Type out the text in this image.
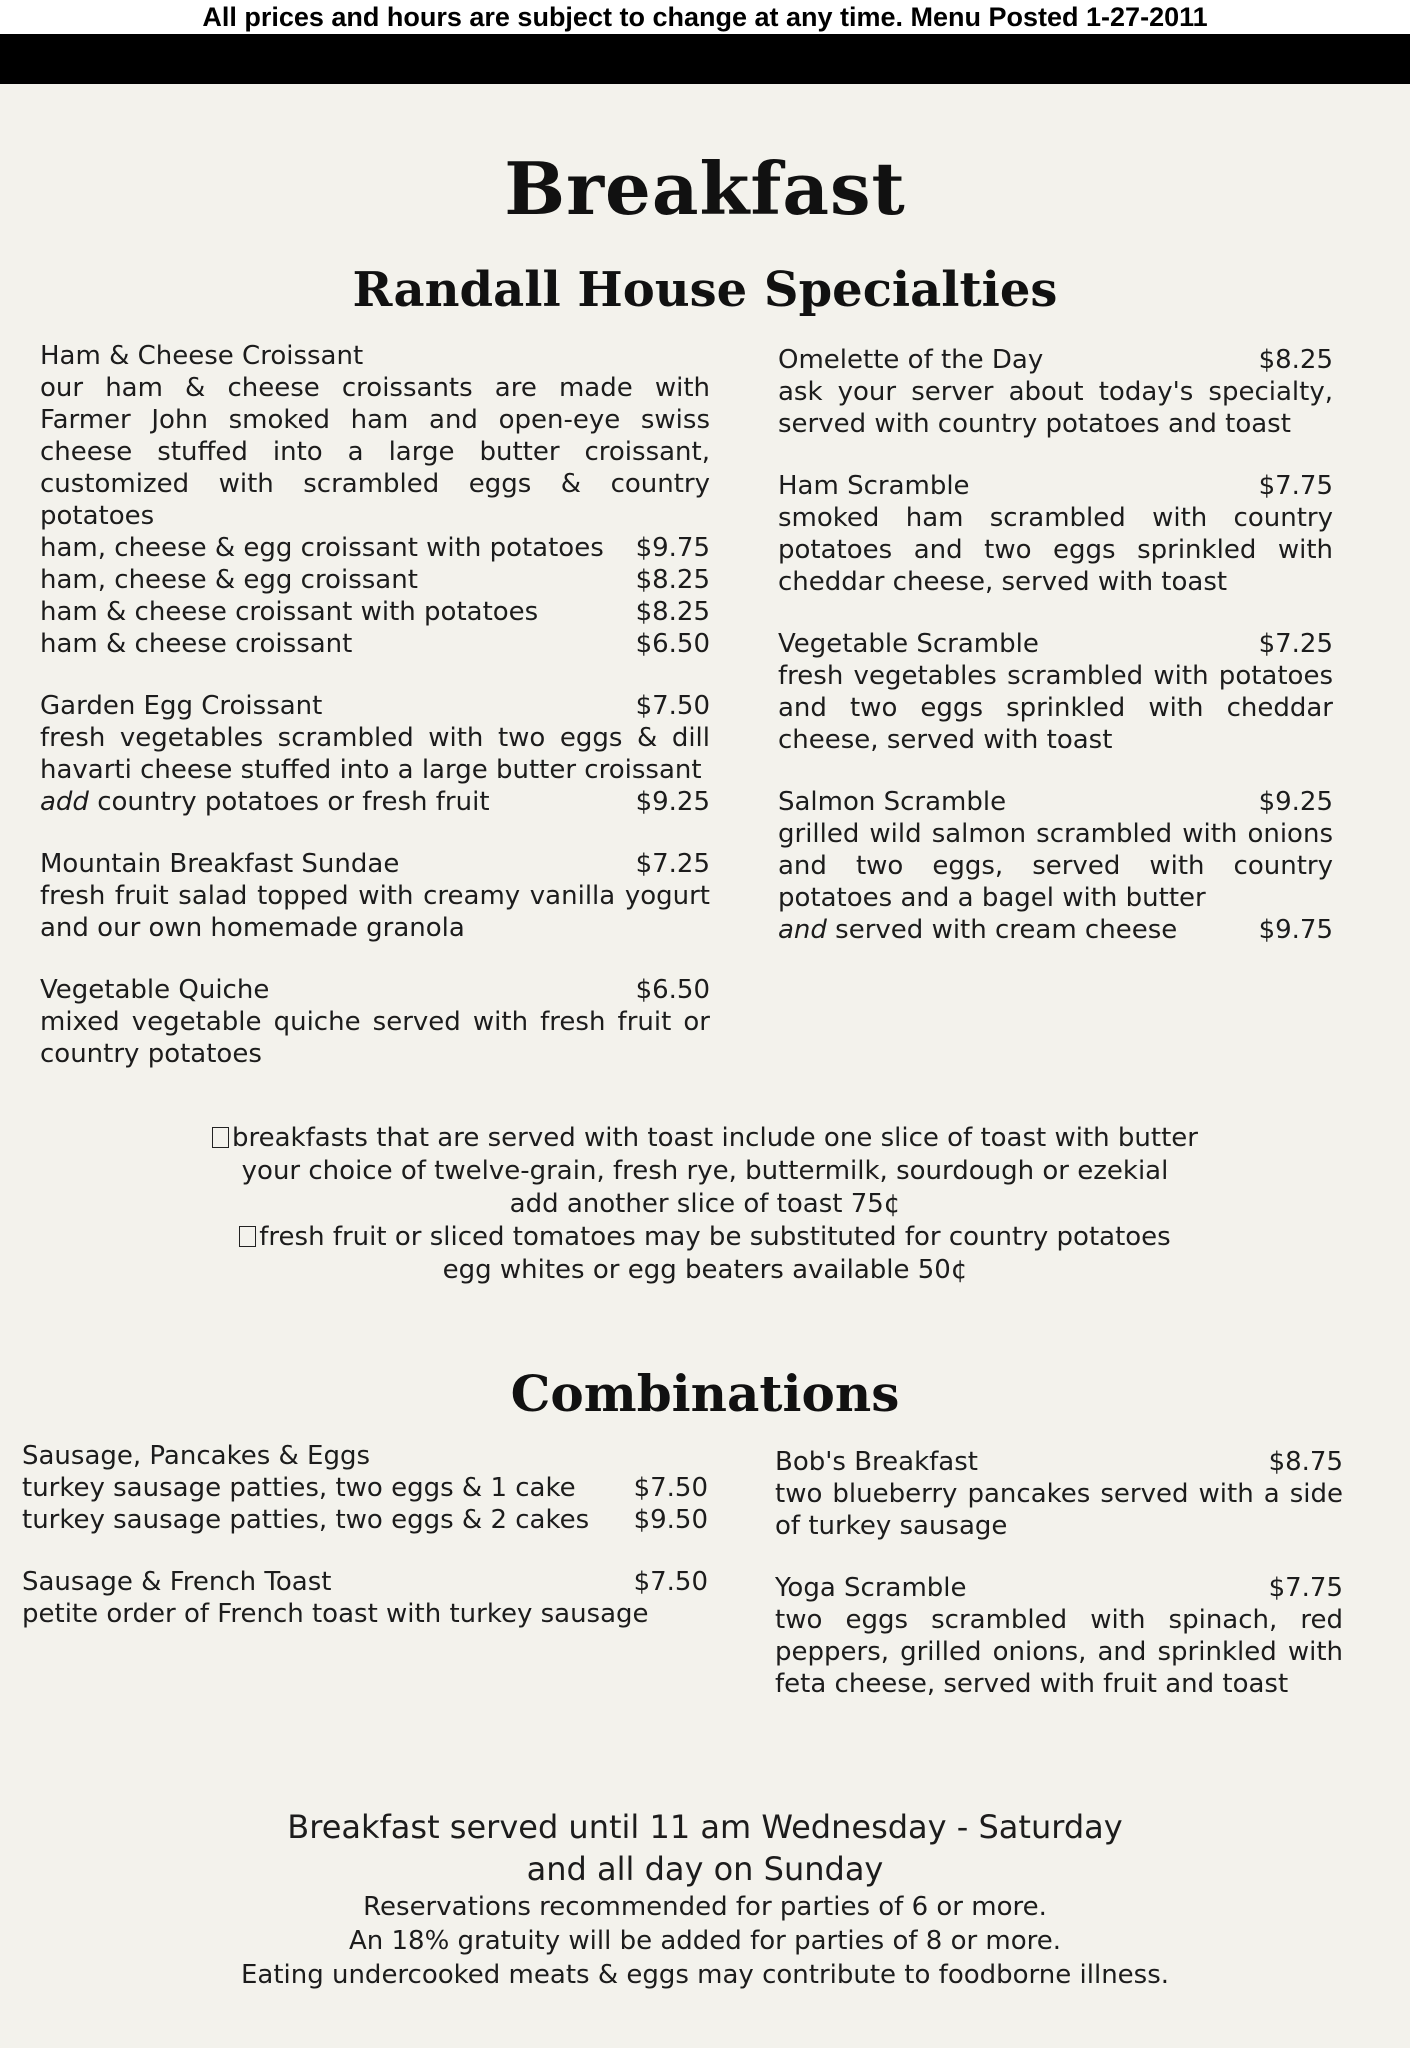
All prices and hours are subject to change at any time. Menu Posted 1-27-2011
Breakfast
Randall House Specialties
Ham & Cheese Croissant
our ham & cheese croissants are made with Farmer John smoked ham and open-eye swiss cheese stuffed into a large butter croissant, customized with scrambled eggs & country potatoes
ham, cheese & egg croissant with potatoes	$9.75
ham, cheese & egg croissant	$8.25
ham & cheese croissant with potatoes	$8.25
ham & cheese croissant	$6.50
Garden Egg Croissant	$7.50
fresh vegetables scrambled with two eggs & dill havarti cheese stuffed into a large butter croissant
add country potatoes or fresh fruit	$9.25
Mountain Breakfast Sundae	$7.25
fresh fruit salad topped with creamy vanilla yogurt and our own homemade granola
Vegetable Quiche	$6.50
mixed vegetable quiche served with fresh fruit or country potatoes
Omelette of the Day	$8.25
ask your server about today's specialty, served with country potatoes and toast
Ham Scramble	$7.75
smoked ham scrambled with country potatoes and two eggs sprinkled with cheddar cheese, served with toast
Vegetable Scramble	$7.25
fresh vegetables scrambled with potatoes and two eggs sprinkled with cheddar cheese, served with toast
Salmon Scramble	$9.25
grilled wild salmon scrambled with onions and two eggs, served with country potatoes and a bagel with butter
and served with cream cheese	$9.75
breakfasts that are served with toast include one slice of toast with butter
your choice of twelve-grain, fresh rye, buttermilk, sourdough or ezekial
add another slice of toast 75¢
fresh fruit or sliced tomatoes may be substituted for country potatoes
egg whites or egg beaters available 50¢
Combinations
Sausage, Pancakes & Eggs
turkey sausage patties, two eggs & 1 cake	$7.50
turkey sausage patties, two eggs & 2 cakes	$9.50
Sausage & French Toast	$7.50
petite order of French toast with turkey sausage
Bob's Breakfast	$8.75
two blueberry pancakes served with a side of turkey sausage
Yoga Scramble	$7.75
two eggs scrambled with spinach, red peppers, grilled onions, and sprinkled with feta cheese, served with fruit and toast
Breakfast served until 11 am Wednesday - Saturday
and all day on Sunday
Reservations recommended for parties of 6 or more.
An 18% gratuity will be added for parties of 8 or more.
Eating undercooked meats & eggs may contribute to foodborne illness.
